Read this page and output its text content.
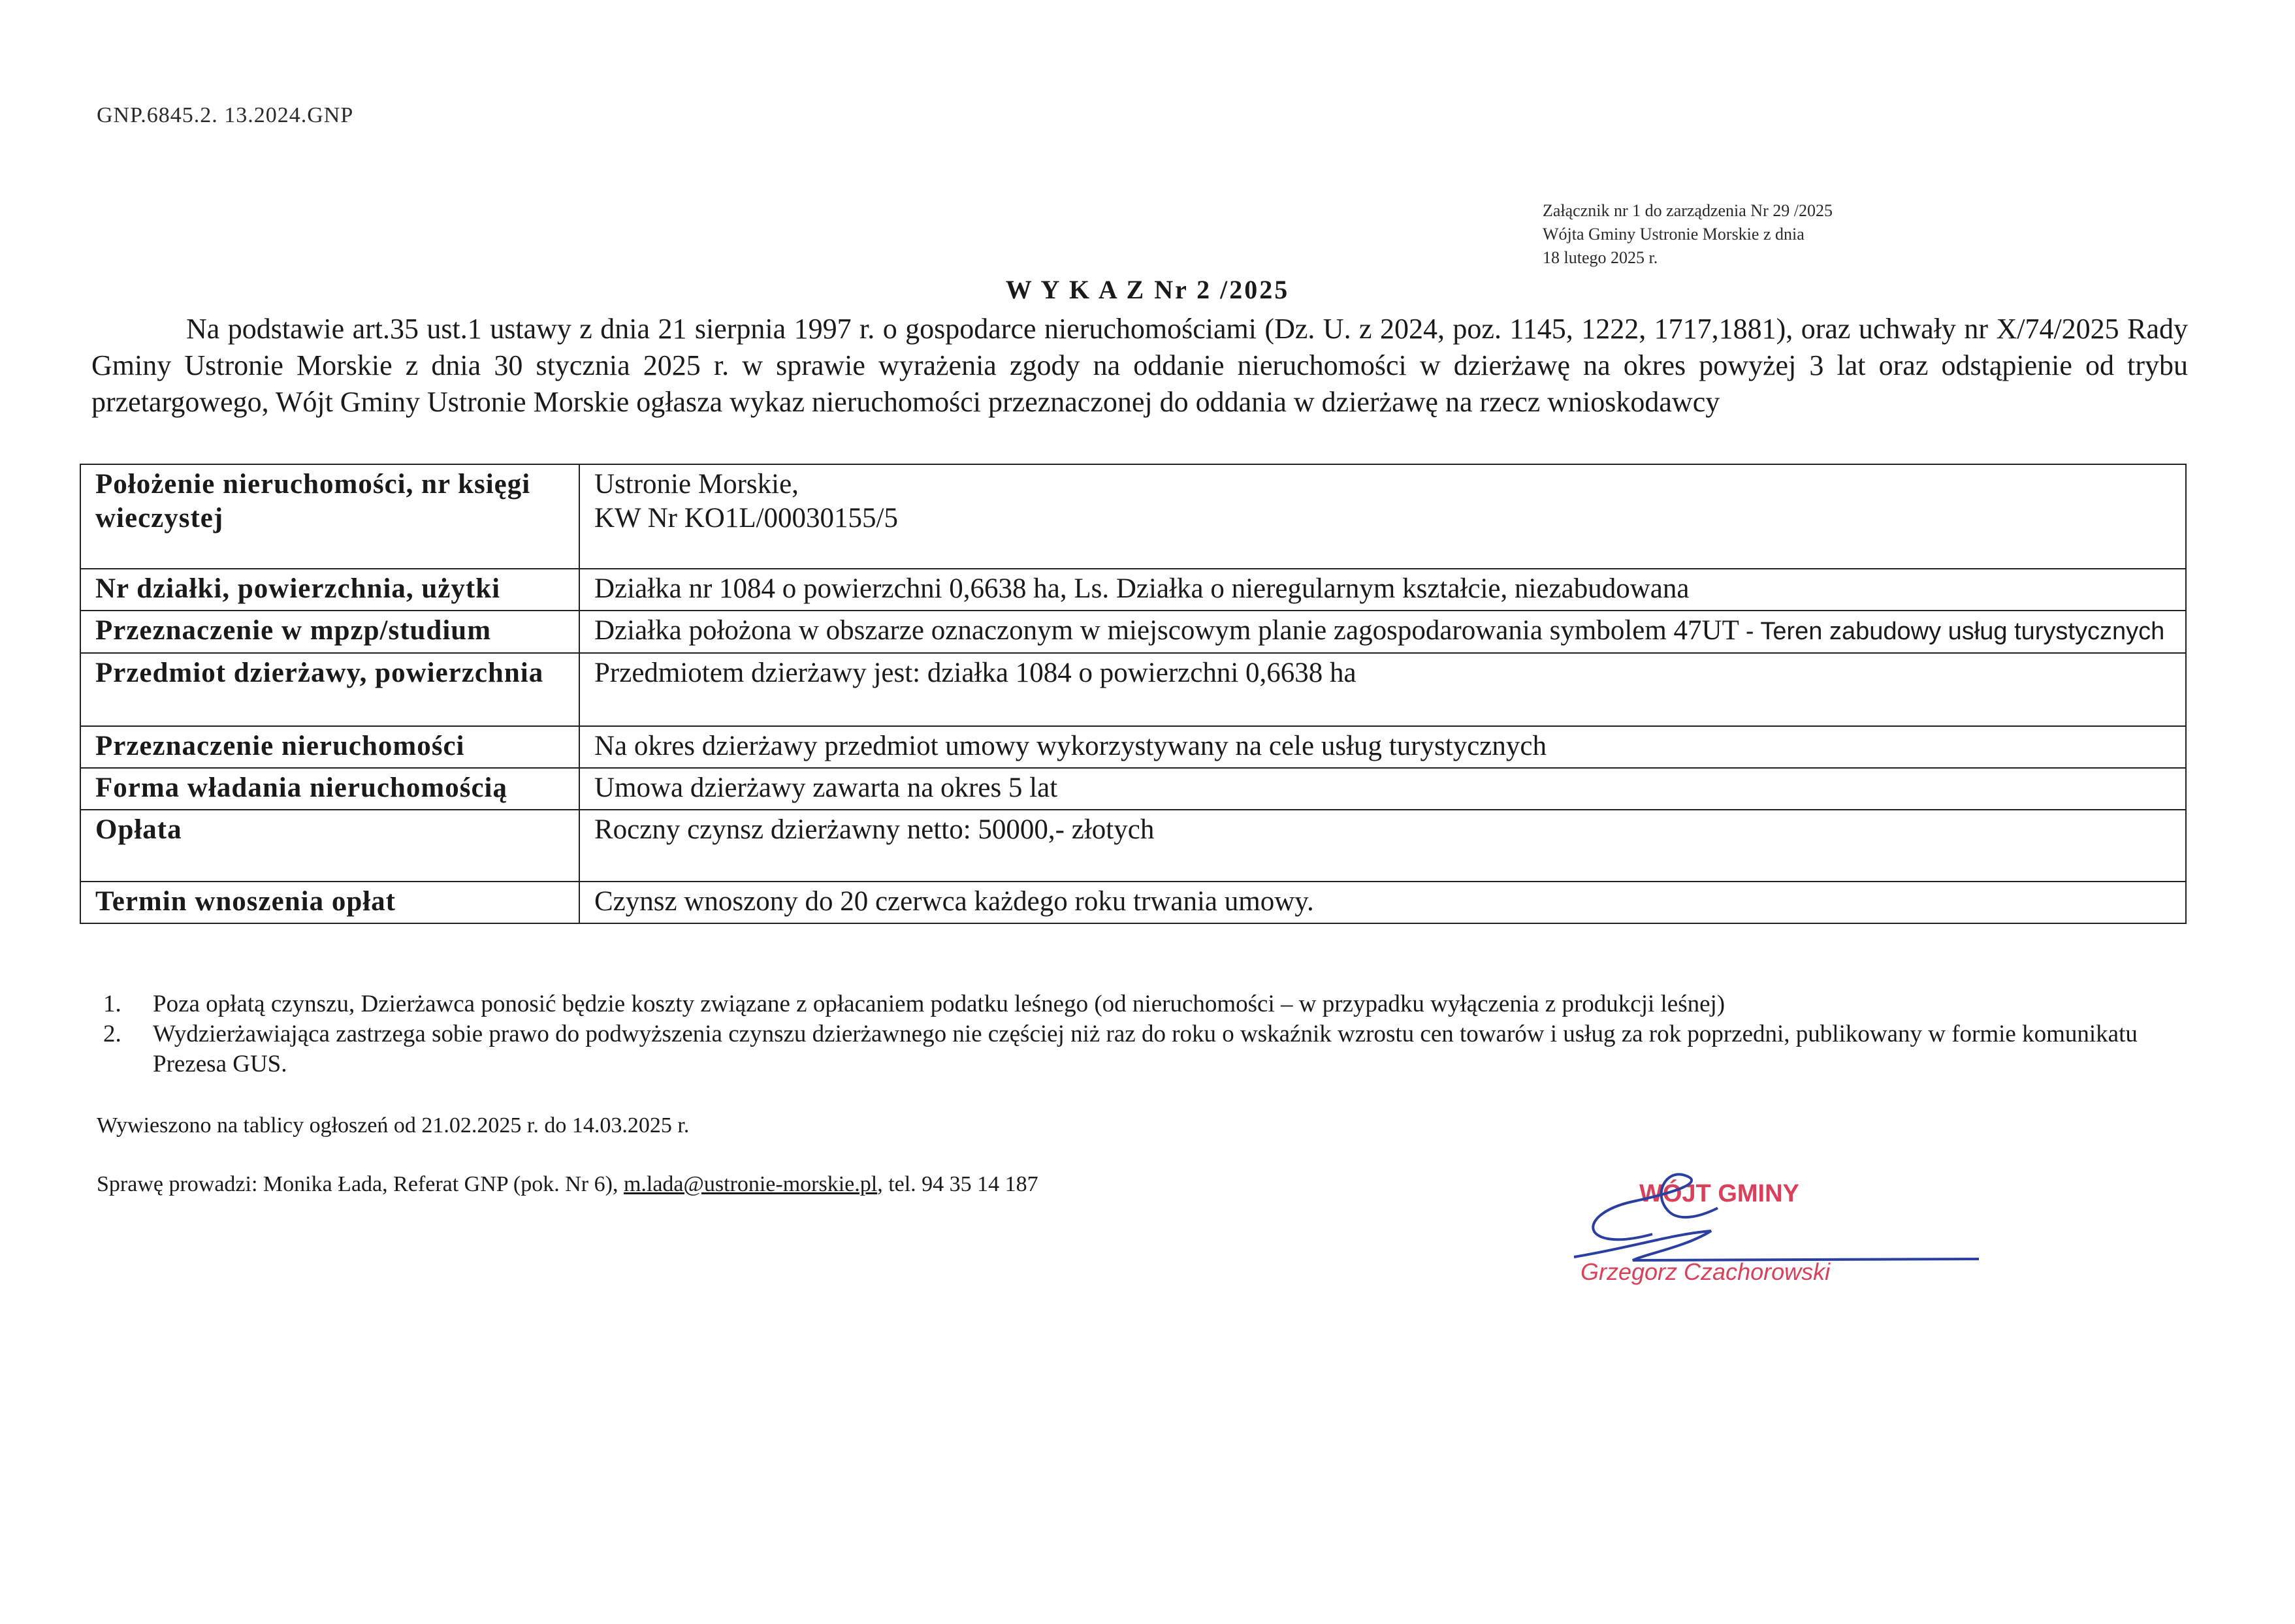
GNP.6845.2. 13.2024.GNP
Załącznik nr 1 do zarządzenia Nr 29 /2025
Wójta Gminy Ustronie Morskie z dnia
18 lutego 2025 r.
W Y K A Z Nr 2 /2025
Na podstawie art.35 ust.1 ustawy z dnia 21 sierpnia 1997 r. o gospodarce nieruchomościami (Dz. U. z 2024, poz. 1145, 1222, 1717,1881), oraz uchwały nr X/74/2025 Rady Gminy Ustronie Morskie z dnia 30 stycznia 2025 r. w sprawie wyrażenia zgody na oddanie nieruchomości w dzierżawę na okres powyżej 3 lat oraz odstąpienie od trybu przetargowego, Wójt Gminy Ustronie Morskie ogłasza wykaz nieruchomości przeznaczonej do oddania w dzierżawę na rzecz wnioskodawcy
Położenie nieruchomości, nr księgi wieczystej	Ustronie Morskie,
KW Nr KO1L/00030155/5

Nr działki, powierzchnia, użytki	Działka nr 1084 o powierzchni 0,6638 ha, Ls. Działka o nieregularnym kształcie, niezabudowana
Przeznaczenie w mpzp/studium	Działka położona w obszarze oznaczonym w miejscowym planie zagospodarowania symbolem 47UT - Teren zabudowy usług turystycznych
Przedmiot dzierżawy, powierzchnia	Przedmiotem dzierżawy jest: działka 1084 o powierzchni 0,6638 ha
Przeznaczenie nieruchomości	Na okres dzierżawy przedmiot umowy wykorzystywany na cele usług turystycznych
Forma władania nieruchomością	Umowa dzierżawy zawarta na okres 5 lat
Opłata	Roczny czynsz dzierżawny netto: 50000,- złotych
Termin wnoszenia opłat	Czynsz wnoszony do 20 czerwca każdego roku trwania umowy.
1. Poza opłatą czynszu, Dzierżawca ponosić będzie koszty związane z opłacaniem podatku leśnego (od nieruchomości – w przypadku wyłączenia z produkcji leśnej)
2. Wydzierżawiająca zastrzega sobie prawo do podwyższenia czynszu dzierżawnego nie częściej niż raz do roku o wskaźnik wzrostu cen towarów i usług za rok poprzedni, publikowany w formie komunikatu Prezesa GUS.
Wywieszono na tablicy ogłoszeń od 21.02.2025 r. do 14.03.2025 r.
Sprawę prowadzi: Monika Łada, Referat GNP (pok. Nr 6), m.lada@ustronie-morskie.pl, tel. 94 35 14 187	WÓJT GMINY
Grzegorz Czachorowski
